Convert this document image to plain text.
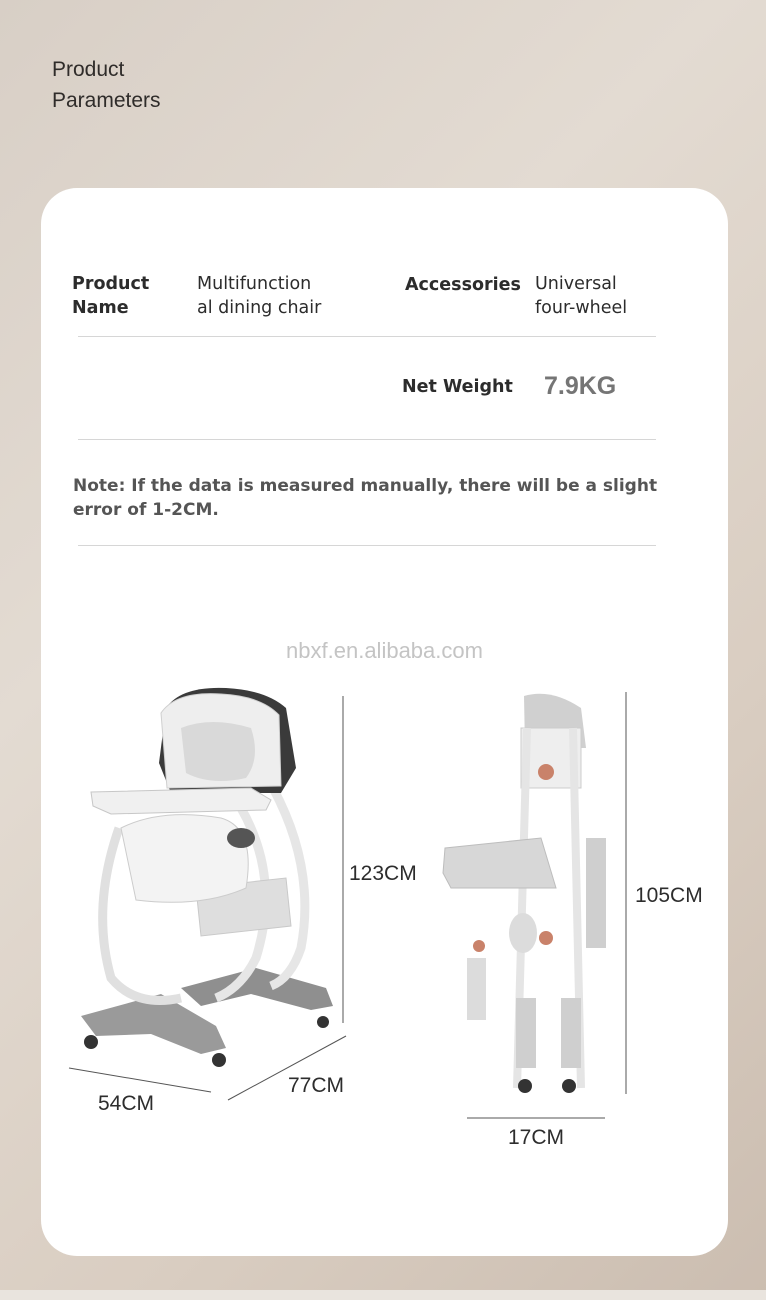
Product
Parameters
Product
Name
Multifunction
al dining chair
Accessories Universal
four-wheel
Net Weight 7.9KG
Note: If the data is measured manually, there will be a slight error of 1-2CM.
nbxf.en.alibaba.com
123CM
54CM
77CM
105CM
17CM
